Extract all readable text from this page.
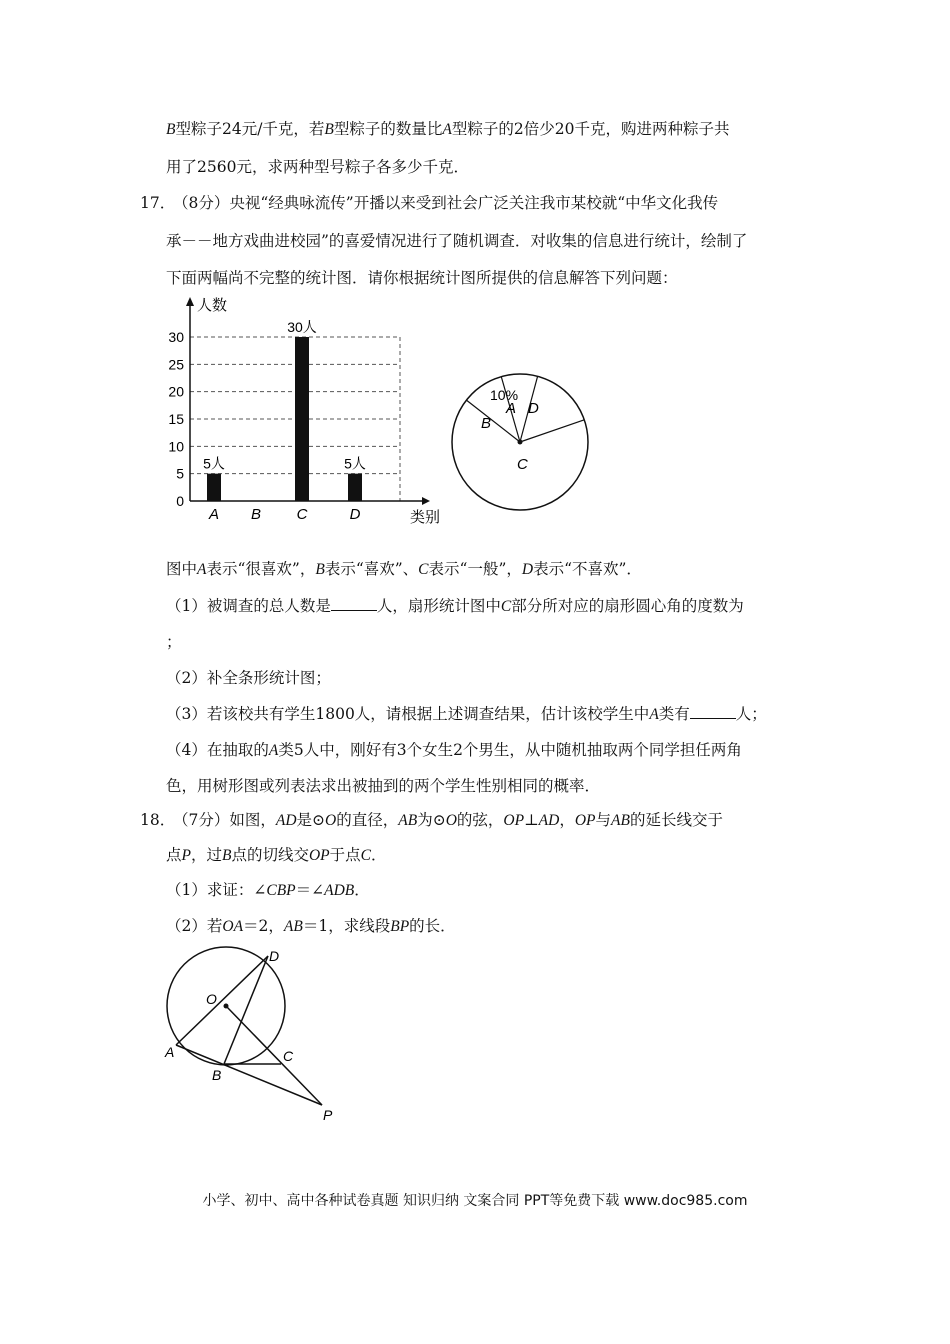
B型粽子24元/千克，若B型粽子的数量比A型粽子的2倍少20千克，购进两种粽子共
用了2560元，求两种型号粽子各多少千克．
17．
（8分）央视“经典咏流传”开播以来受到社会广泛关注我市某校就“中华文化我传
承－－地方戏曲进校园”的喜爱情况进行了随机调查．对收集的信息进行统计，绘制了
下面两幅尚不完整的统计图．请你根据统计图所提供的信息解答下列问题：
0
5
10
15
20
25
30
人数
类别
A
5人
B C
30人
D
5人
10%
A
B
C
D
图中A表示“很喜欢”，B表示“喜欢”、C表示“一般”，D表示“不喜欢”．
（1）被调查的总人数是	人，扇形统计图中C部分所对应的扇形圆心角的度数为
；
（2）补全条形统计图；
（3）若该校共有学生1800人，请根据上述调查结果，估计该校学生中A类有	人；
（4）在抽取的A类5人中，刚好有3个女生2个男生，从中随机抽取两个同学担任两角
色，用树形图或列表法求出被抽到的两个学生性别相同的概率．
18．
（7分）如图，AD是⊙O的直径，AB为⊙O的弦，OP⊥AD，OP与AB的延长线交于
点P，过B点的切线交OP于点C．
（1）求证：∠CBP＝∠ADB．
（2）若OA＝2，AB＝1，求线段BP的长．
D
O
A
B
C
P
小学、初中、高中各种试卷真题 知识归纳 文案合同 PPT等免费下载 www.doc985.com
